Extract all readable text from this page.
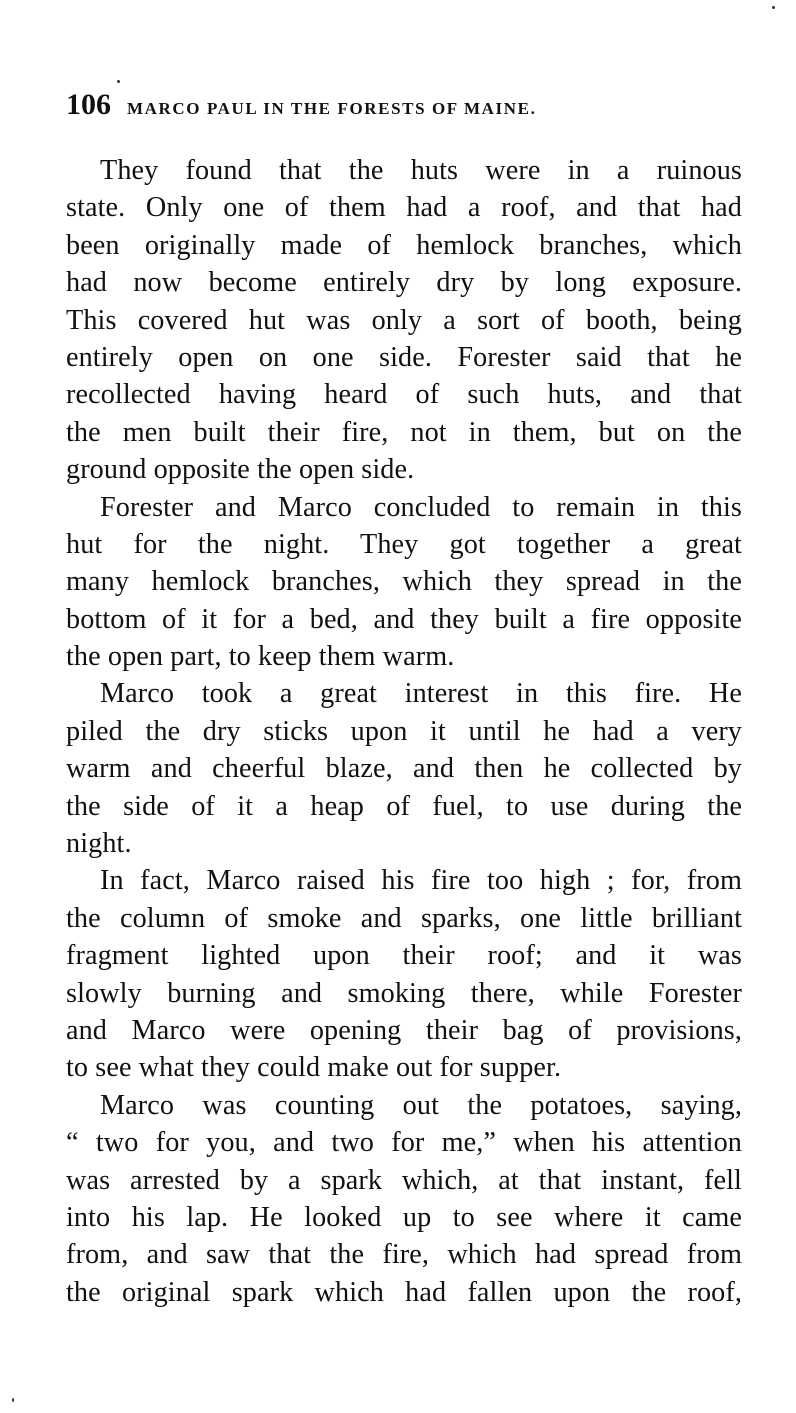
106 MARCO PAUL IN THE FORESTS OF MAINE.
They found that the huts were in a ruinous
state. Only one of them had a roof, and that had
been originally made of hemlock branches, which
had now become entirely dry by long exposure.
This covered hut was only a sort of booth, being
entirely open on one side. Forester said that he
recollected having heard of such huts, and that
the men built their fire, not in them, but on the
ground opposite the open side.
Forester and Marco concluded to remain in this
hut for the night. They got together a great
many hemlock branches, which they spread in the
bottom of it for a bed, and they built a fire opposite
the open part, to keep them warm.
Marco took a great interest in this fire. He
piled the dry sticks upon it until he had a very
warm and cheerful blaze, and then he collected by
the side of it a heap of fuel, to use during the
night.
In fact, Marco raised his fire too high ; for, from
the column of smoke and sparks, one little brilliant
fragment lighted upon their roof; and it was
slowly burning and smoking there, while Forester
and Marco were opening their bag of provisions,
to see what they could make out for supper.
Marco was counting out the potatoes, saying,
“ two for you, and two for me,” when his attention
was arrested by a spark which, at that instant, fell
into his lap. He looked up to see where it came
from, and saw that the fire, which had spread from
the original spark which had fallen upon the roof,
